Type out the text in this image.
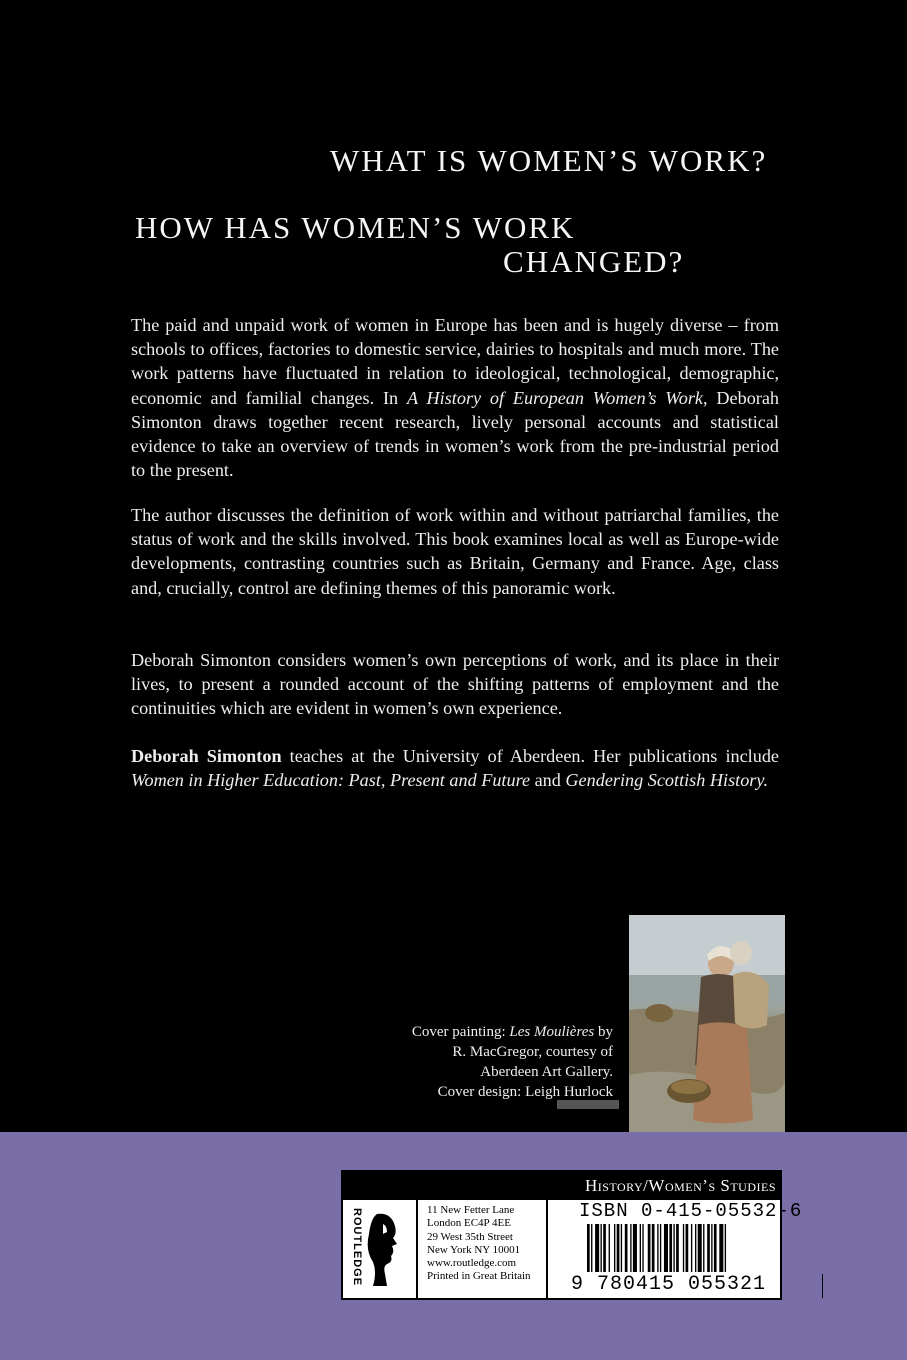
WHAT IS WOMEN’S WORK?
HOW HAS WOMEN’S WORK
CHANGED?

The paid and unpaid work of women in Europe has been and is hugely diverse – from schools to offices, factories to domestic service, dairies to hospitals and much more. The work patterns have fluctuated in relation to ideological, technological, demographic, economic and familial changes. In A History of European Women’s Work, Deborah Simonton draws together recent research, lively personal accounts and statistical evidence to take an overview of trends in women’s work from the pre-industrial period to the present.

The author discusses the definition of work within and without patriarchal families, the status of work and the skills involved. This book examines local as well as Europe-wide developments, contrasting countries such as Britain, Germany and France. Age, class and, crucially, control are defining themes of this panoramic work.

Deborah Simonton considers women’s own perceptions of work, and its place in their lives, to present a rounded account of the shifting patterns of employment and the continuities which are evident in women’s own experience.

Deborah Simonton teaches at the University of Aberdeen. Her publications include Women in Higher Education: Past, Present and Future and Gendering Scottish History.

Cover painting: Les Moulières by
R. MacGregor, courtesy of
Aberdeen Art Gallery.
Cover design: Leigh Hurlock
History/Women’s Studies
ROUTLEDGE	11 New Fetter Lane
London EC4P 4EE
29 West 35th Street
New York NY 10001
www.routledge.com
Printed in Great Britain
ISBN 0-415-05532-6
9 780415 055321
